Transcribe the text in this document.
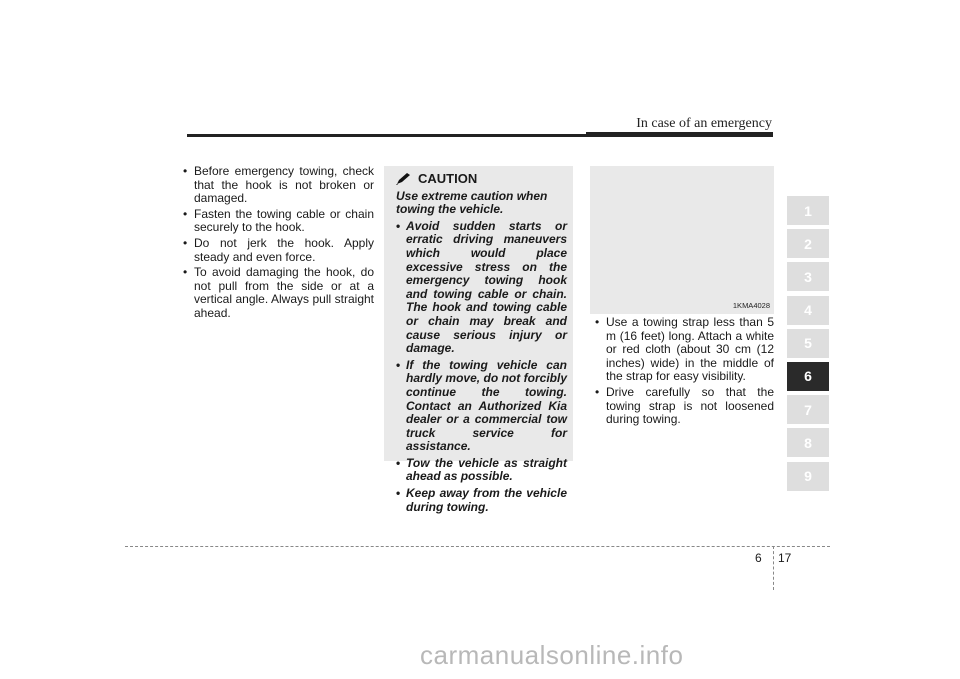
In case of an emergency
• Before emergency towing, check that the hook is not broken or damaged.
• Fasten the towing cable or chain securely to the hook.
• Do not jerk the hook. Apply steady and even force.
• To avoid damaging the hook, do not pull from the side or at a vertical angle. Always pull straight ahead.
CAUTION
Use extreme caution when towing the vehicle.
• Avoid sudden starts or erratic driving maneuvers which would place excessive stress on the emergency towing hook and towing cable or chain. The hook and towing cable or chain may break and cause serious injury or damage.
• If the towing vehicle can hardly move, do not forcibly continue the towing. Contact an Authorized Kia dealer or a commercial tow truck service for assistance.
• Tow the vehicle as straight ahead as possible.
• Keep away from the vehicle during towing.
1KMA4028
• Use a towing strap less than 5 m (16 feet) long. Attach a white or red cloth (about 30 cm (12 inches) wide) in the middle of the strap for easy visibility.
• Drive carefully so that the towing strap is not loosened during towing.
1
2
3
4
5
6
7
8
9
6 17
carmanualsonline.info
